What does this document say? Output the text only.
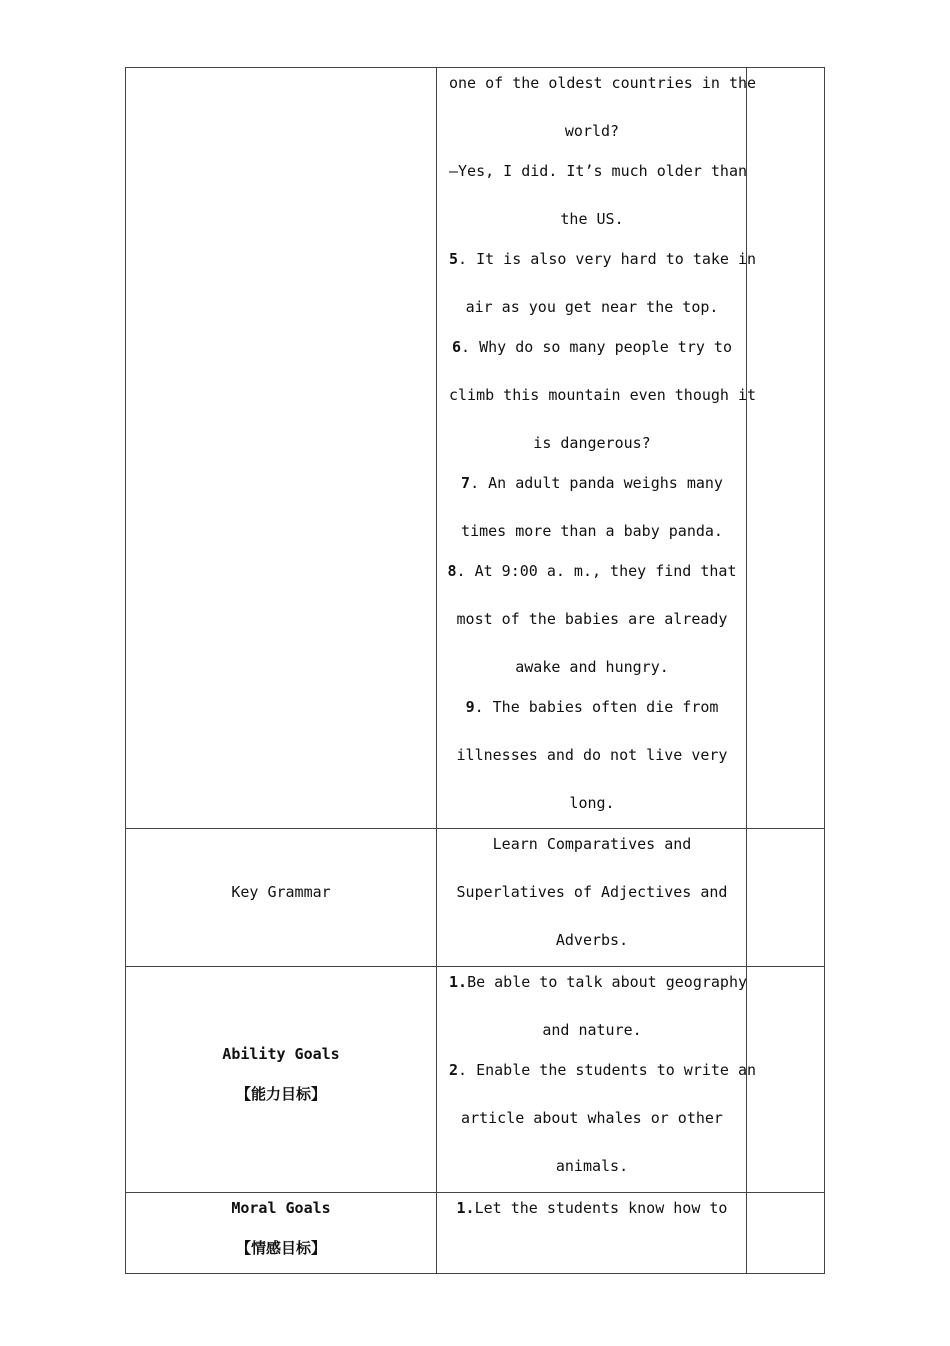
one of the oldest countries in the
world?
—Yes, I did. It’s much older than
the US.
5. It is also very hard to take in
air as you get near the top.
6. Why do so many people try to
climb this mountain even though it
is dangerous?
7. An adult panda weighs many
times more than a baby panda.
8. At 9:00 a. m., they find that
most of the babies are already
awake and hungry.
9. The babies often die from
illnesses and do not live very
long.
Key Grammar
Learn Comparatives and
Superlatives of Adjectives and
Adverbs.
Ability Goals
【能力目标】
1.Be able to talk about geography
and nature.
2. Enable the students to write an
article about whales or other
animals.
Moral Goals
【情感目标】
1.Let the students know how to
